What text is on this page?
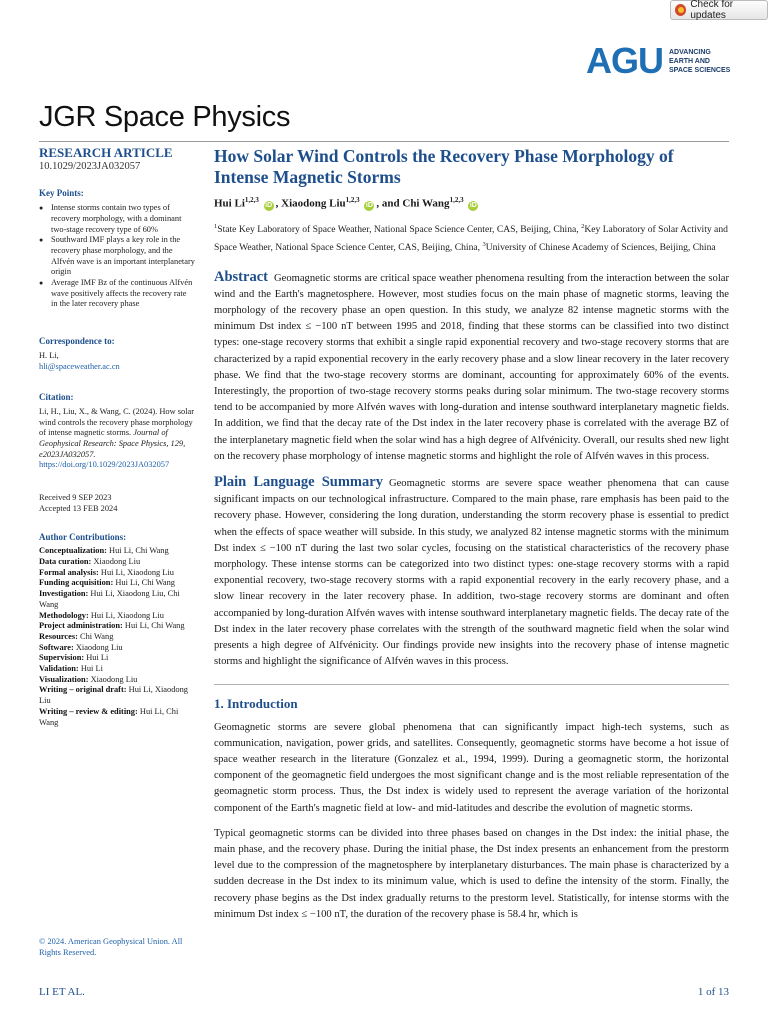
Check for updates
AGU ADVANCING
EARTH AND
SPACE SCIENCES
JGR Space Physics
RESEARCH ARTICLE
10.1029/2023JA032057
Key Points:
● Intense storms contain two types of recovery morphology, with a dominant two-stage recovery type of 60%
● Southward IMF plays a key role in the recovery phase morphology, and the Alfvén wave is an important interplanetary origin
● Average IMF Bz of the continuous Alfvén wave positively affects the recovery rate in the later recovery phase
Correspondence to:
H. Li,
hli@spaceweather.ac.cn
Citation:
Li, H., Liu, X., & Wang, C. (2024). How solar wind controls the recovery phase morphology of intense magnetic storms. Journal of Geophysical Research: Space Physics, 129, e2023JA032057. https://doi.org/10.1029/2023JA032057
Received 9 SEP 2023
Accepted 13 FEB 2024
Author Contributions:

Conceptualization: Hui Li, Chi Wang

Data curation: Xiaodong Liu

Formal analysis: Hui Li, Xiaodong Liu

Funding acquisition: Hui Li, Chi Wang

Investigation: Hui Li, Xiaodong Liu, Chi Wang

Methodology: Hui Li, Xiaodong Liu

Project administration: Hui Li, Chi Wang

Resources: Chi Wang

Software: Xiaodong Liu

Supervision: Hui Li

Validation: Hui Li

Visualization: Xiaodong Liu

Writing – original draft: Hui Li, Xiaodong Liu

Writing – review & editing: Hui Li, Chi Wang

© 2024. American Geophysical Union. All Rights Reserved.
How Solar Wind Controls the Recovery Phase Morphology of Intense Magnetic Storms
Hui Li$^{1,2,3}$ iD , Xiaodong Liu$^{1,2,3}$ iD , and Chi Wang$^{1,2,3}$ iD
$^1$State Key Laboratory of Space Weather, National Space Science Center, CAS, Beijing, China, $^2$Key Laboratory of Solar Activity and Space Weather, National Space Science Center, CAS, Beijing, China, $^3$University of Chinese Academy of Sciences, Beijing, China

Abstract Geomagnetic storms are critical space weather phenomena resulting from the interaction between the solar wind and the Earth's magnetosphere. However, most studies focus on the main phase of magnetic storms, leaving the morphology of the recovery phase an open question. In this study, we analyze 82 intense magnetic storms with the minimum Dst index ≤ −100 nT between 1995 and 2018, finding that these storms can be classified into two distinct types: one-stage recovery storms that exhibit a single rapid exponential recovery and two-stage recovery storms that are characterized by a rapid exponential recovery in the early recovery phase and a slow linear recovery in the later recovery phase. We find that the two-stage recovery storms are dominant, accounting for approximately 60% of the events. Interestingly, the proportion of two-stage recovery storms peaks during solar minimum. The two-stage recovery storms tend to be accompanied by more Alfvén waves with long-duration and intense southward interplanetary magnetic fields. In addition, we find that the decay rate of the Dst index in the later recovery phase is correlated with the average BZ of the interplanetary magnetic field when the solar wind has a high degree of Alfvénicity. Overall, our results shed new light on the recovery phase morphology of intense magnetic storms and highlight the role of Alfvén waves in this process.

Plain Language Summary Geomagnetic storms are severe space weather phenomena that can cause significant impacts on our technological infrastructure. Compared to the main phase, rare emphasis has been paid to the recovery phase. However, considering the long duration, understanding the storm recovery phase is essential to predict when the effects of space weather will subside. In this study, we analyzed 82 intense magnetic storms with the minimum Dst index ≤ −100 nT during the last two solar cycles, focusing on the statistical characteristics of the recovery phase morphology. These intense storms can be categorized into two distinct types: one-stage recovery storms with a rapid exponential recovery, two-stage recovery storms with a rapid exponential recovery in the early recovery phase, and a slow linear recovery in the later recovery phase. In addition, two-stage recovery storms are dominant and often accompanied by long-duration Alfvén waves with intense southward interplanetary magnetic fields. The decay rate of the Dst index in the later recovery phase correlates with the strength of the southward magnetic field when the solar wind presents a high degree of Alfvénicity. Our findings provide new insights into the recovery phase of intense magnetic storms and highlight the significance of Alfvén waves in this process.

1. Introduction

Geomagnetic storms are severe global phenomena that can significantly impact high-tech systems, such as communication, navigation, power grids, and satellites. Consequently, geomagnetic storms have become a hot issue of space weather research in the literature (Gonzalez et al., 1994, 1999). During a geomagnetic storm, the horizontal component of the geomagnetic field undergoes the most significant change and is the most reliable representation of the geomagnetic storm process. Thus, the Dst index is widely used to represent the average variation of the horizontal component of the Earth's magnetic field at low- and mid-latitudes and describe the evolution of magnetic storms.

Typical geomagnetic storms can be divided into three phases based on changes in the Dst index: the initial phase, the main phase, and the recovery phase. During the initial phase, the Dst index presents an enhancement from the prestorm level due to the compression of the magnetosphere by interplanetary disturbances. The main phase is characterized by a sudden decrease in the Dst index to its minimum value, which is used to define the intensity of the storm. Finally, the recovery phase begins as the Dst index gradually returns to the prestorm level. Statistically, for intense storms with the minimum Dst index ≤ −100 nT, the duration of the recovery phase is 58.4 hr, which is

LI ET AL.	1 of 13
